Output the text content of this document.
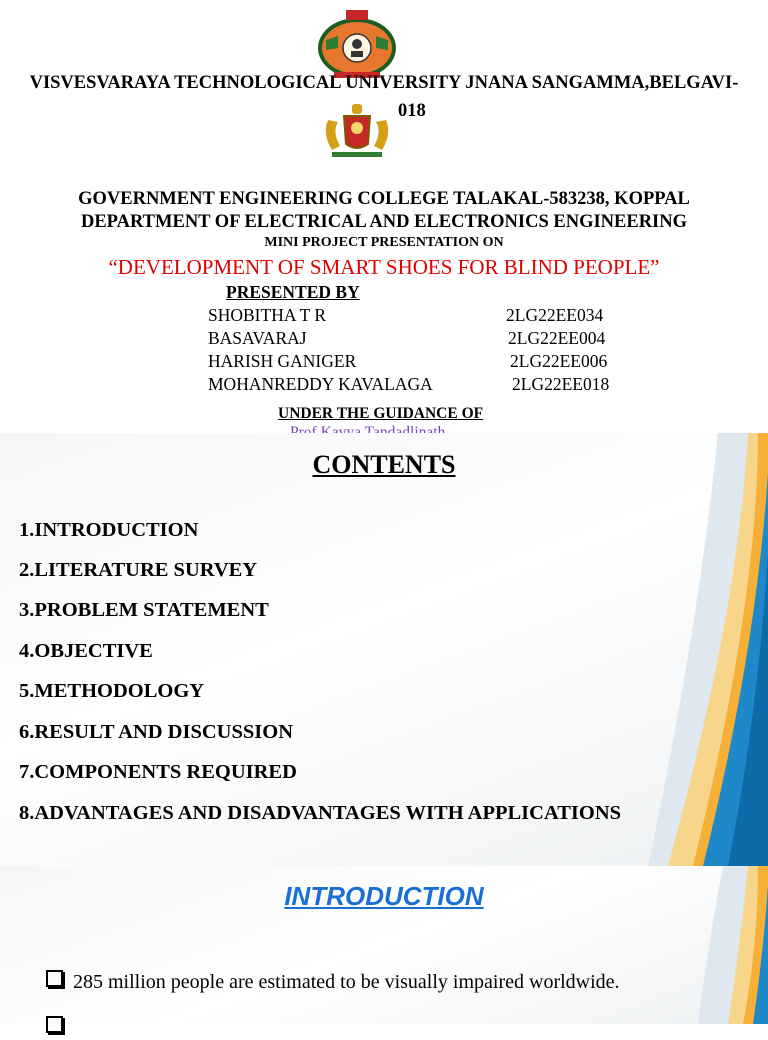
VISVESVARAYA TECHNOLOGICAL UNIVERSITY JNANA SANGAMMA,BELGAVI-
018
GOVERNMENT ENGINEERING COLLEGE TALAKAL-583238, KOPPAL
DEPARTMENT OF ELECTRICAL AND ELECTRONICS ENGINEERING
MINI PROJECT PRESENTATION ON
“DEVELOPMENT OF SMART SHOES FOR BLIND PEOPLE”
PRESENTED BY
SHOBITHA T R	2LG22EE034
BASAVARAJ	2LG22EE004
HARISH GANIGER	2LG22EE006
MOHANREDDY KAVALAGA	2LG22EE018
UNDER THE GUIDANCE OF
CONTENTS
1.INTRODUCTION
2.LITERATURE SURVEY
3.PROBLEM STATEMENT
4.OBJECTIVE
5.METHODOLOGY
6.RESULT AND DISCUSSION
7.COMPONENTS REQUIRED
8.ADVANTAGES AND DISADVANTAGES WITH APPLICATIONS
INTRODUCTION
285 million people are estimated to be visually impaired worldwide.
